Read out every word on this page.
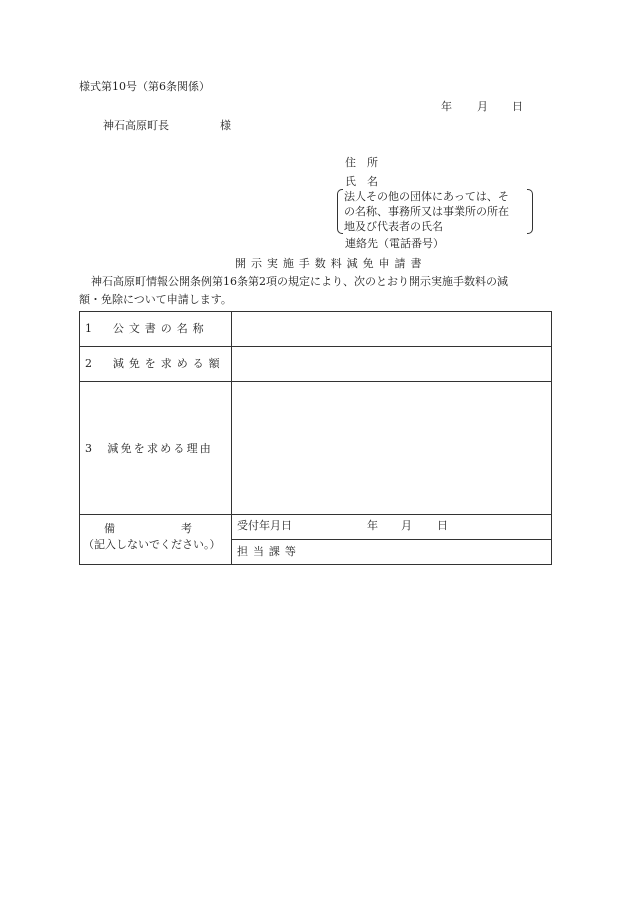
様式第10号（第6条関係）
年 月 日
神石高原町長	様
住　所
氏　名
法人その他の団体にあっては、そ
の名称、事務所又は事業所の所在
地及び代表者の氏名
連絡先（電話番号）
開示実施手数料減免申請書
神石高原町情報公開条例第16条第2項の規定により、次のとおり開示実施手数料の減
額・免除について申請します。
1　公文書の名称
2　減免を求める額
3　減免を求める理由
備　　　　　　考
（記入しないでください。）
受付年月日	年 月 日
担当課等
